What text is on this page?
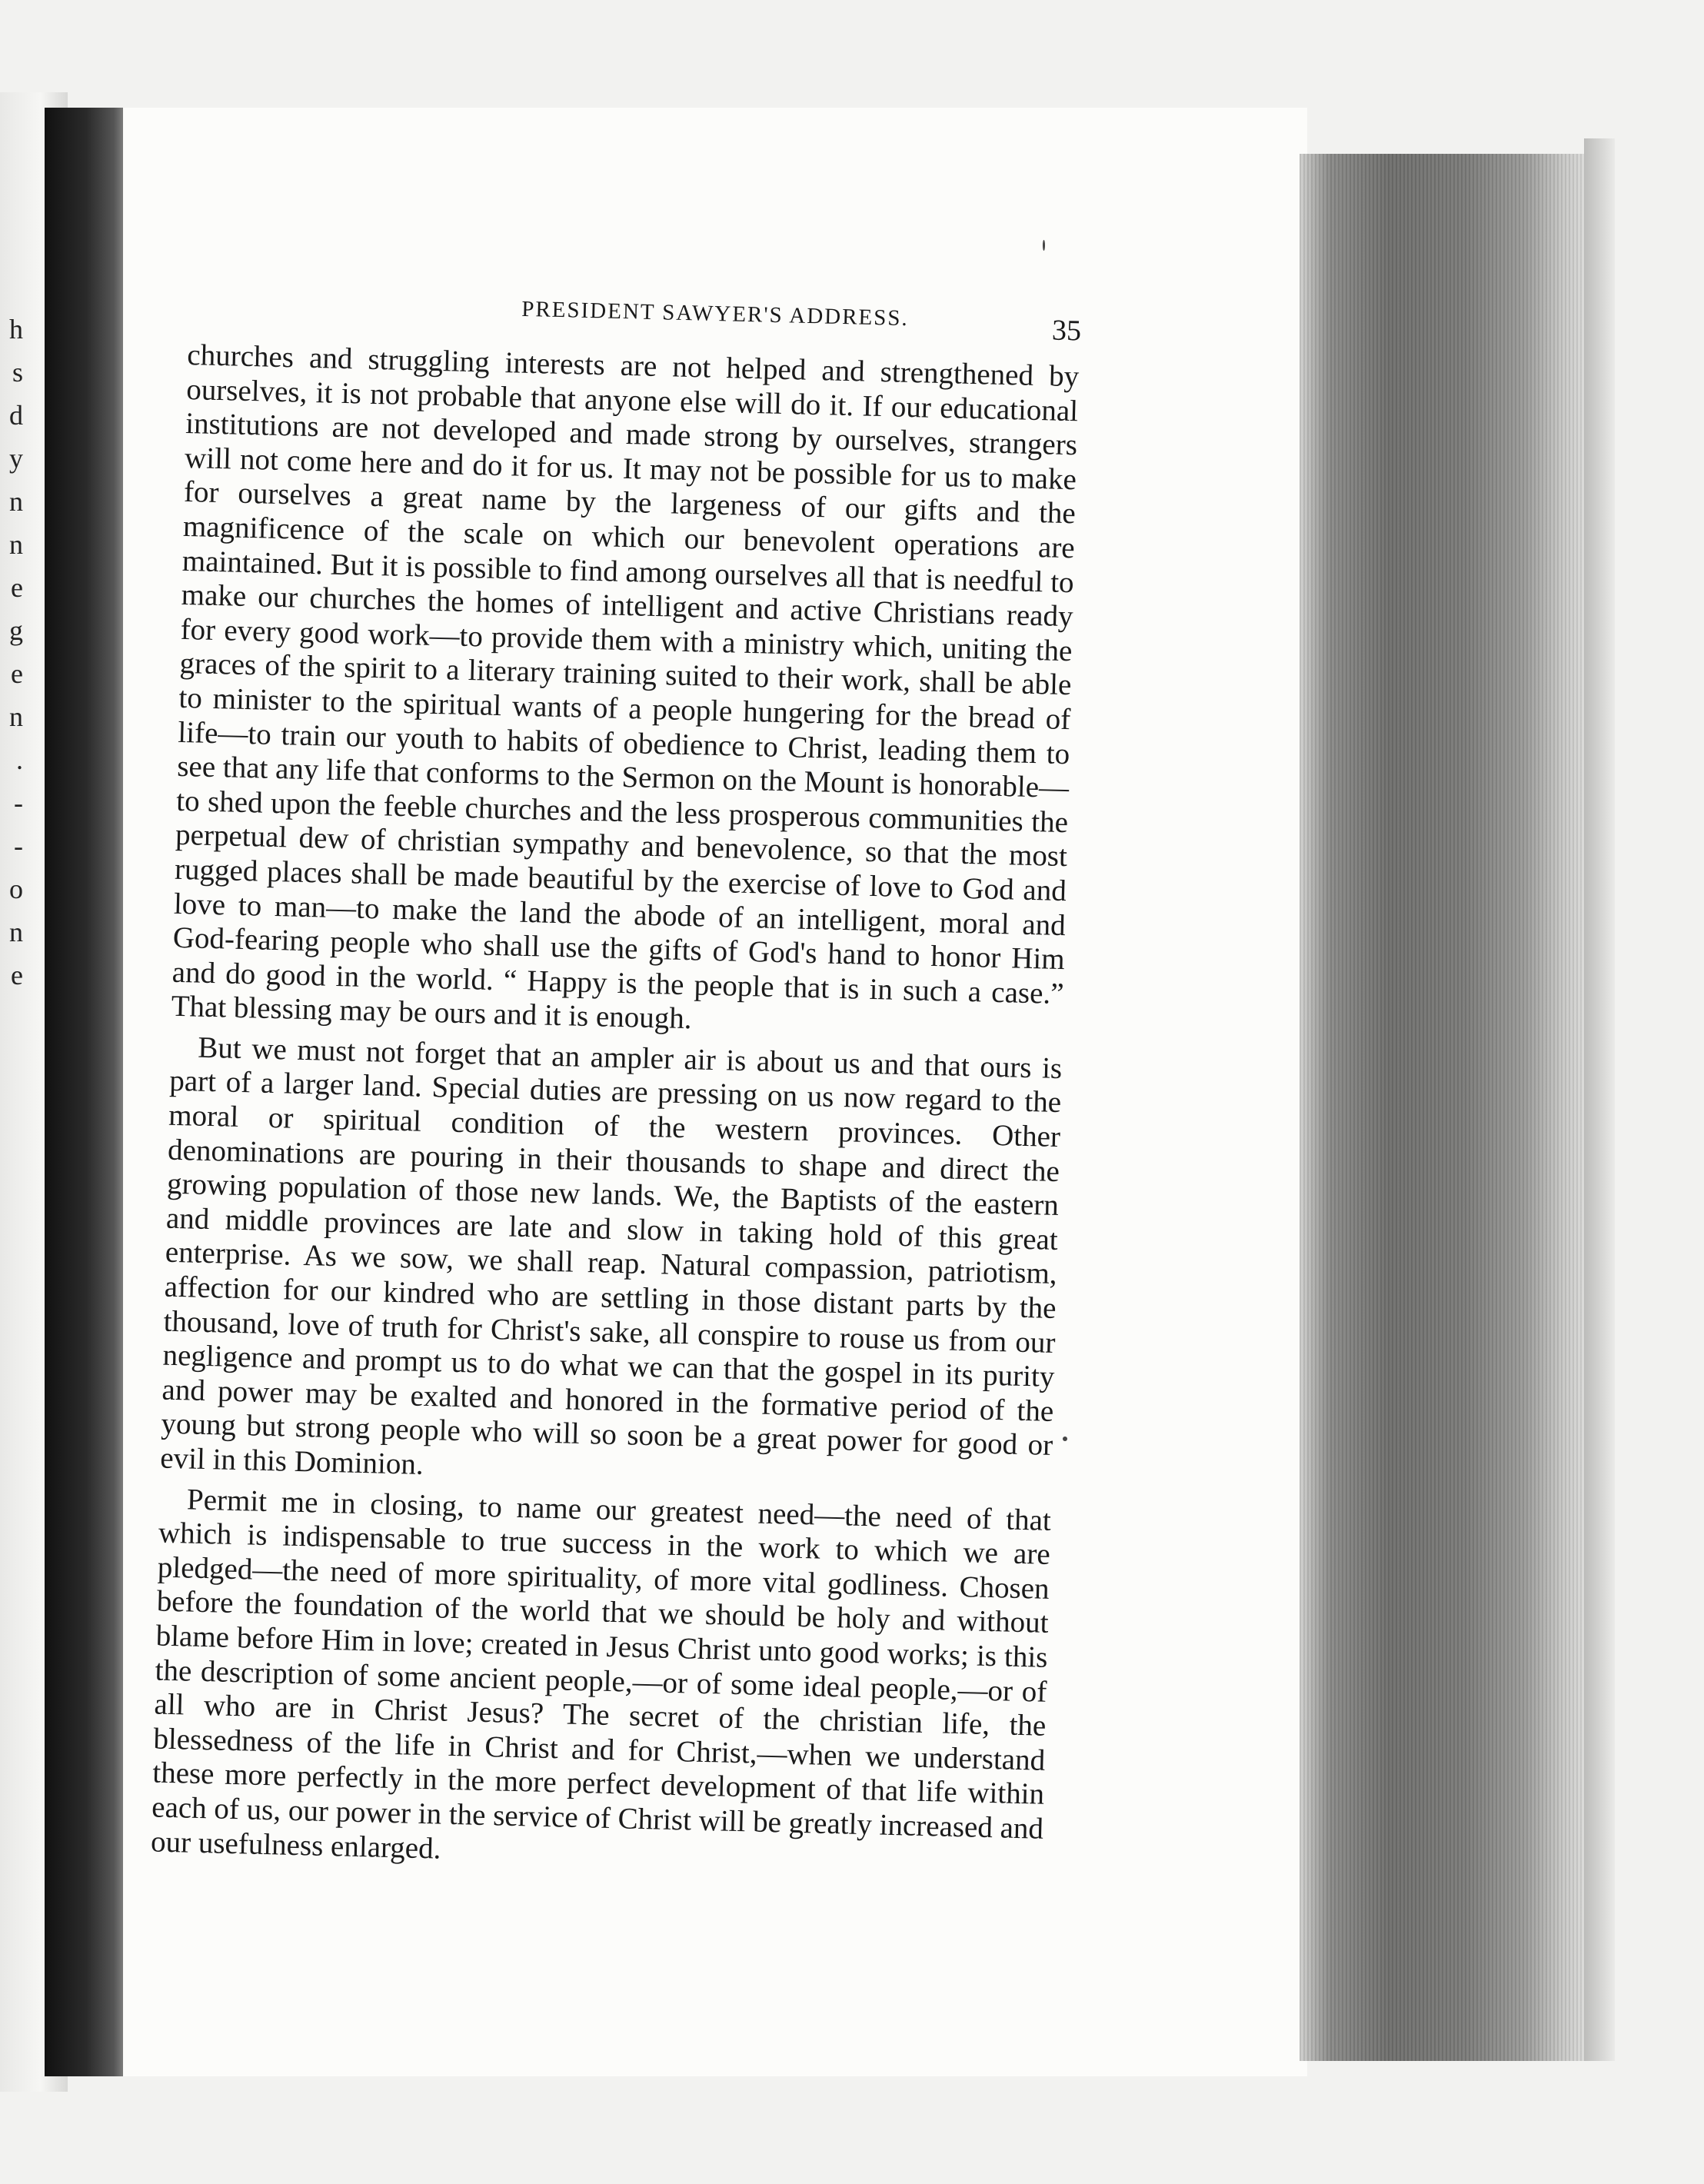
h
s
d
y
n
n
e
g
e
n
.
-
-
o
n
e
PRESIDENT SAWYER'S ADDRESS.	35

churches and struggling interests are not helped and strengthened by ourselves, it is not probable that anyone else will do it. If our educational institutions are not developed and made strong by ourselves, strangers will not come here and do it for us. It may not be possible for us to make for ourselves a great name by the largeness of our gifts and the magnificence of the scale on which our benevolent operations are maintained. But it is possible to find among ourselves all that is needful to make our churches the homes of intelligent and active Christians ready for every good work—to provide them with a ministry which, uniting the graces of the spirit to a literary training suited to their work, shall be able to minister to the spiritual wants of a people hungering for the bread of life—to train our youth to habits of obedience to Christ, leading them to see that any life that conforms to the Sermon on the Mount is honorable—to shed upon the feeble churches and the less prosperous communities the perpetual dew of christian sympathy and benevolence, so that the most rugged places shall be made beautiful by the exercise of love to God and love to man—to make the land the abode of an intelligent, moral and God-fearing people who shall use the gifts of God's hand to honor Him and do good in the world. “ Happy is the people that is in such a case.” That blessing may be ours and it is enough.

But we must not forget that an ampler air is about us and that ours is part of a larger land. Special duties are pressing on us now regard to the moral or spiritual condition of the western provinces. Other denominations are pouring in their thousands to shape and direct the growing population of those new lands. We, the Baptists of the eastern and middle provinces are late and slow in taking hold of this great enterprise. As we sow, we shall reap. Natural compassion, patriotism, affection for our kindred who are settling in those distant parts by the thousand, love of truth for Christ's sake, all conspire to rouse us from our negligence and prompt us to do what we can that the gospel in its purity and power may be exalted and honored in the formative period of the young but strong people who will so soon be a great power for good or evil in this Dominion.

Permit me in closing, to name our greatest need—the need of that which is indispensable to true success in the work to which we are pledged—the need of more spirituality, of more vital godliness. Chosen before the foundation of the world that we should be holy and without blame before Him in love; created in Jesus Christ unto good works; is this the description of some ancient people,—or of some ideal people,—or of all who are in Christ Jesus? The secret of the christian life, the blessedness of the life in Christ and for Christ,—when we understand these more perfectly in the more perfect development of that life within each of us, our power in the service of Christ will be greatly increased and our usefulness enlarged.
